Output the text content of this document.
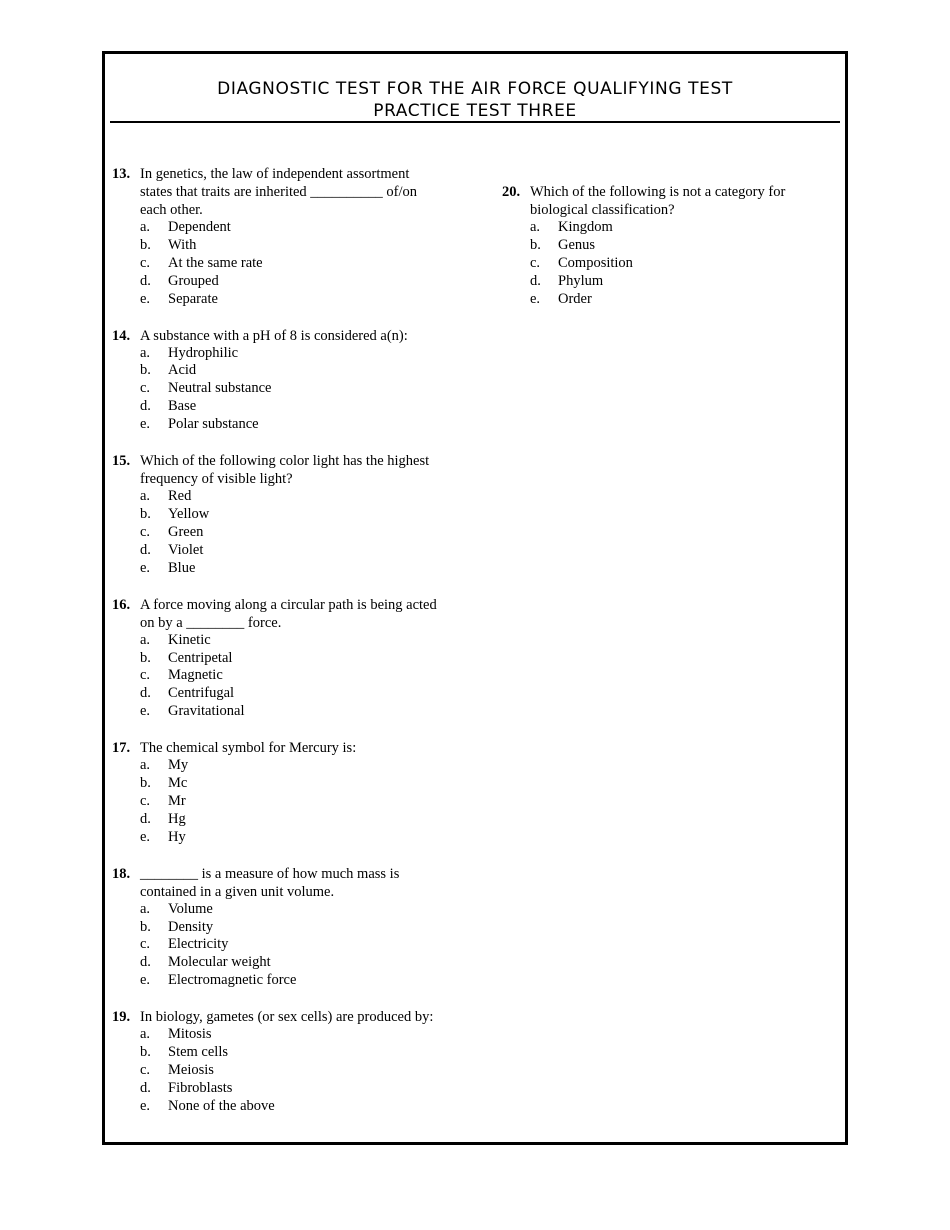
DIAGNOSTIC TEST FOR THE AIR FORCE QUALIFYING TEST
PRACTICE TEST THREE
13. In genetics, the law of independent assortment states that traits are inherited __________ of/on each other.
a.	Dependent
b.	With
c.	At the same rate
d.	Grouped
e.	Separate
14. A substance with a pH of 8 is considered a(n):
a.	Hydrophilic
b.	Acid
c.	Neutral substance
d.	Base
e.	Polar substance
15. Which of the following color light has the highest frequency of visible light?
a.	Red
b.	Yellow
c.	Green
d.	Violet
e.	Blue
16. A force moving along a circular path is being acted on by a ________ force.
a.	Kinetic
b.	Centripetal
c.	Magnetic
d.	Centrifugal
e.	Gravitational
17. The chemical symbol for Mercury is:
a.	My
b.	Mc
c.	Mr
d.	Hg
e.	Hy
18. ________ is a measure of how much mass is contained in a given unit volume.
a.	Volume
b.	Density
c.	Electricity
d.	Molecular weight
e.	Electromagnetic force
19. In biology, gametes (or sex cells) are produced by:
a.	Mitosis
b.	Stem cells
c.	Meiosis
d.	Fibroblasts
e.	None of the above
20. Which of the following is not a category for biological classification?
a.	Kingdom
b.	Genus
c.	Composition
d.	Phylum
e.	Order
